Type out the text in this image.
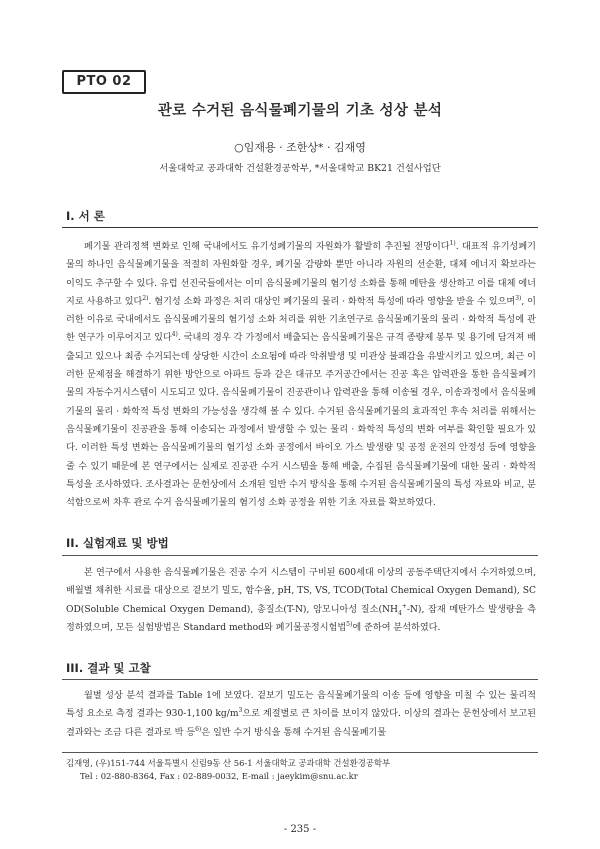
PTO 02
관로 수거된 음식물폐기물의 기초 성상 분석
○임재용 · 조한상* · 김재영
서울대학교 공과대학 건설환경공학부, *서울대학교 BK21 건설사업단
I. 서 론

폐기물 관리정책 변화로 인해 국내에서도 유기성폐기물의 자원화가 활발히 추진될 전망이다$^{1)}$. 대표적 유기성폐기물의 하나인 음식물폐기물을 적절히 자원화할 경우, 폐기물 감량화 뿐만 아니라 자원의 선순환, 대체 에너지 확보라는 이익도 추구할 수 있다. 유럽 선진국들에서는 이미 음식물폐기물의 혐기성 소화를 통해 메탄을 생산하고 이를 대체 에너지로 사용하고 있다$^{2)}$. 혐기성 소화 과정은 처리 대상인 폐기물의 물리 · 화학적 특성에 따라 영향을 받을 수 있으며$^{3)}$, 이러한 이유로 국내에서도 음식물폐기물의 혐기성 소화 처리를 위한 기초연구로 음식물폐기물의 물리 · 화학적 특성에 관한 연구가 이루어지고 있다$^{4)}$. 국내의 경우 각 가정에서 배출되는 음식물폐기물은 규격 종량제 봉투 및 용기에 담겨져 배출되고 있으나 최종 수거되는데 상당한 시간이 소요됨에 따라 악취발생 및 미관상 불쾌감을 유발시키고 있으며, 최근 이러한 문제점을 해결하기 위한 방안으로 아파트 등과 같은 대규모 주거공간에서는 진공 혹은 압력관을 통한 음식물폐기물의 자동수거시스템이 시도되고 있다. 음식물폐기물이 진공관이나 압력관을 통해 이송될 경우, 이송과정에서 음식물폐기물의 물리 · 화학적 특성 변화의 가능성을 생각해 볼 수 있다. 수거된 음식물폐기물의 효과적인 후속 처리를 위해서는 음식물폐기물이 진공관을 통해 이송되는 과정에서 발생할 수 있는 물리 · 화학적 특성의 변화 여부를 확인할 필요가 있다. 이러한 특성 변화는 음식물폐기물의 혐기성 소화 공정에서 바이오 가스 발생량 및 공정 운전의 안정성 등에 영향을 줄 수 있기 때문에 본 연구에서는 실제로 진공관 수거 시스템을 통해 배출, 수집된 음식물폐기물에 대한 물리 · 화학적 특성을 조사하였다. 조사결과는 문헌상에서 소개된 일반 수거 방식을 통해 수거된 음식물폐기물의 특성 자료와 비교, 분석함으로써 차후 관로 수거 음식물폐기물의 혐기성 소화 공정을 위한 기초 자료를 확보하였다.

II. 실험재료 및 방법

본 연구에서 사용한 음식물폐기물은 진공 수거 시스템이 구비된 600세대 이상의 공동주택단지에서 수거하였으며, 배월별 채취한 시료를 대상으로 겉보기 밀도, 함수율, pH, TS, VS, TCOD(Total Chemical Oxygen Demand), SCOD(Soluble Chemical Oxygen Demand), 총질소(T-N), 암모니아성 질소$(NH_4^+-N)$, 잠재 메탄가스 발생량을 측정하였으며, 모든 실험방법은 Standard method와 폐기물공정시험법$^{5)}$에 준하여 분석하였다.

III. 결과 및 고찰

월별 성상 분석 결과를 Table 1에 보였다. 겉보기 밀도는 음식물폐기물의 이송 등에 영향을 미칠 수 있는 물리적 특성 요소로 측정 결과는 930-1,100 $kg/m^3$으로 계절별로 큰 차이를 보이지 않았다. 이상의 결과는 문헌상에서 보고된 결과와는 조금 다른 결과로 박 등$^{6)}$은 일반 수거 방식을 통해 수거된 음식물폐기물

김재영, (우)151-744 서울특별시 신림9동 산 56-1 서울대학교 공과대학 건설환경공학부
Tel : 02-880-8364, Fax : 02-889-0032, E-mail : jaeykim@snu.ac.kr
- 235 -
